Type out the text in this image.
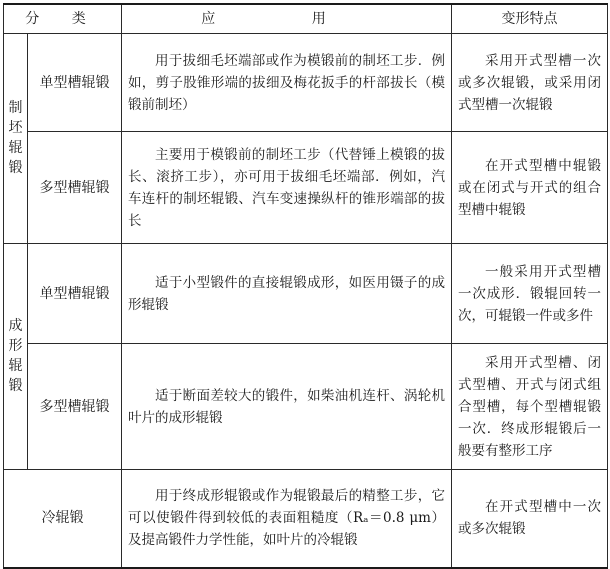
分 类		应 用	变形特点
制坯辊锻	单型槽辊锻	用于拔细毛坯端部或作为模锻前的制坯工步．例如，剪子股锥形端的拔细及梅花扳手的杆部拔长（模锻前制坯）	采用开式型槽一次或多次辊锻，或采用闭式型槽一次辊锻

	多型槽辊锻	主要用于模锻前的制坯工步（代替锤上模锻的拔长、滚挤工步），亦可用于拔细毛坯端部．例如，汽车连杆的制坯辊锻、汽车变速操纵杆的锥形端部的拔长	在开式型槽中辊锻或在闭式与开式的组合型槽中辊锻

成形辊锻	单型槽辊锻	适于小型锻件的直接辊锻成形，如医用镊子的成形辊锻	一般采用开式型槽一次成形．锻辊回转一次，可辊锻一件或多件

	多型槽辊锻	适于断面差较大的锻件，如柴油机连杆、涡轮机叶片的成形辊锻	采用开式型槽、闭式型槽、开式与闭式组合型槽，每个型槽辊锻一次．终成形辊锻后一般要有整形工序

冷辊锻		用于终成形辊锻或作为辊锻最后的精整工步，它可以使锻件得到较低的表面粗糙度（Rₐ＝0.8 μm）及提高锻件力学性能，如叶片的冷辊锻	在开式型槽中一次或多次辊锻
